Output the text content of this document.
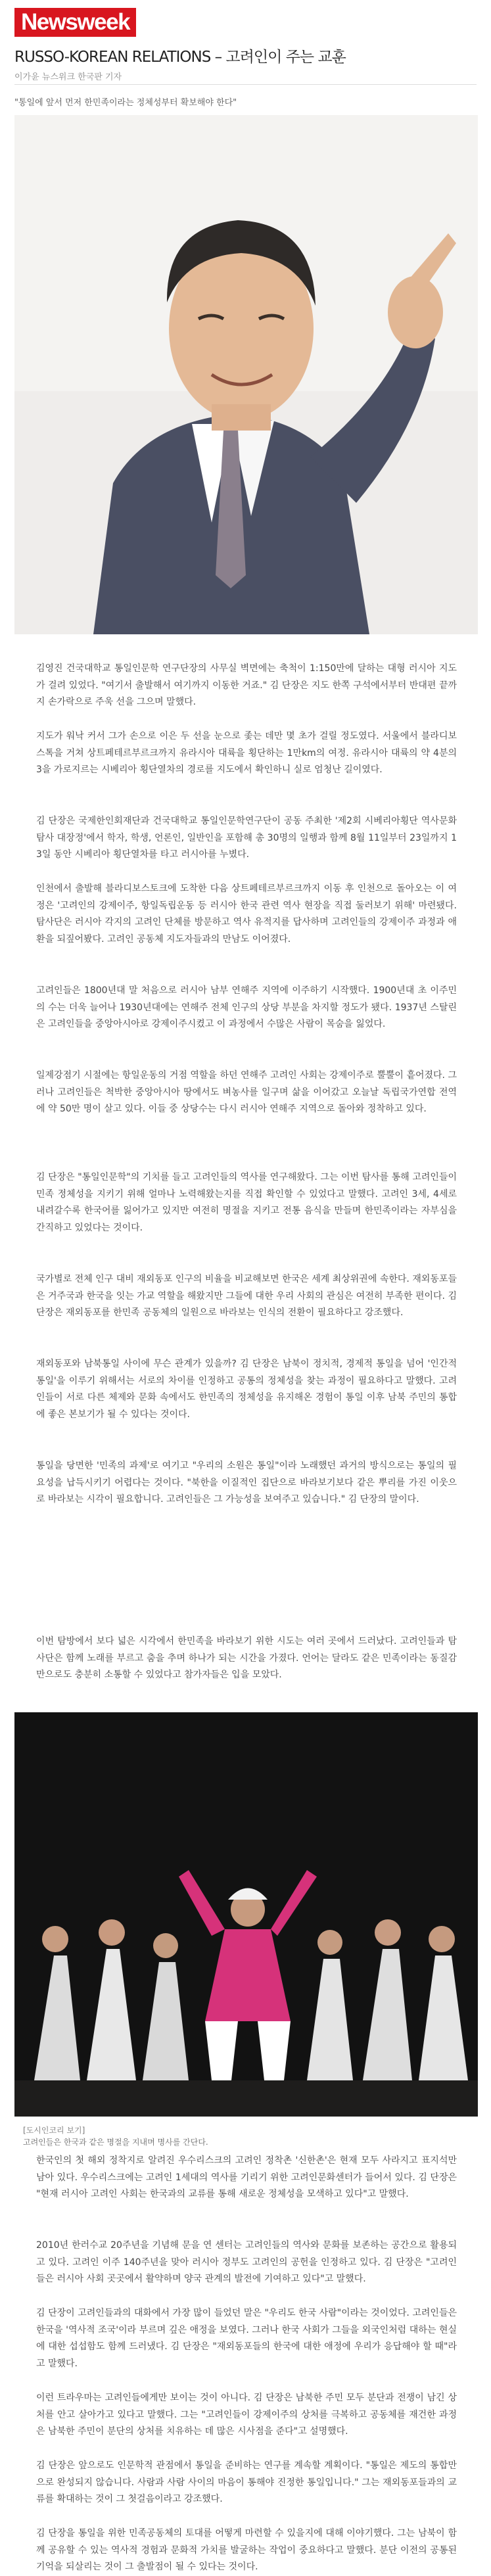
Newsweek
RUSSO-KOREAN RELATIONS – 고려인이 주는 교훈
이가윤 뉴스위크 한국판 기자
"통일에 앞서 먼저 한민족이라는 정체성부터 확보해야 한다"

김영진 건국대학교 통일인문학 연구단장의 사무실 벽면에는 축척이 1:150만에 달하는 대형 러시아 지도가 걸려 있었다. "여기서 출발해서 여기까지 이동한 거죠." 김 단장은 지도 한쪽 구석에서부터 반대편 끝까지 손가락으로 주욱 선을 그으며 말했다.

지도가 워낙 커서 그가 손으로 이은 두 선을 눈으로 좇는 데만 몇 초가 걸릴 정도였다. 서울에서 블라디보스톡을 거쳐 상트페테르부르크까지 유라시아 대륙을 횡단하는 1만km의 여정. 유라시아 대륙의 약 4분의 3을 가로지르는 시베리아 횡단열차의 경로를 지도에서 확인하니 실로 엄청난 길이였다.

김 단장은 국제한인회재단과 건국대학교 통일인문학연구단이 공동 주최한 '제2회 시베리아횡단 역사문화 탐사 대장정'에서 학자, 학생, 언론인, 일반인을 포함해 총 30명의 일행과 함께 8월 11일부터 23일까지 13일 동안 시베리아 횡단열차를 타고 러시아를 누볐다.

인천에서 출발해 블라디보스토크에 도착한 다음 상트페테르부르크까지 이동 후 인천으로 돌아오는 이 여정은 '고려인의 강제이주, 항일독립운동 등 러시아 한국 관련 역사 현장을 직접 둘러보기 위해' 마련됐다. 탐사단은 러시아 각지의 고려인 단체를 방문하고 역사 유적지를 답사하며 고려인들의 강제이주 과정과 애환을 되짚어봤다. 고려인 공동체 지도자들과의 만남도 이어졌다.

고려인들은 1800년대 말 처음으로 러시아 남부 연해주 지역에 이주하기 시작했다. 1900년대 초 이주민의 수는 더욱 늘어나 1930년대에는 연해주 전체 인구의 상당 부분을 차지할 정도가 됐다. 1937년 스탈린은 고려인들을 중앙아시아로 강제이주시켰고 이 과정에서 수많은 사람이 목숨을 잃었다.

일제강점기 시절에는 항일운동의 거점 역할을 하던 연해주 고려인 사회는 강제이주로 뿔뿔이 흩어졌다. 그러나 고려인들은 척박한 중앙아시아 땅에서도 벼농사를 일구며 삶을 이어갔고 오늘날 독립국가연합 전역에 약 50만 명이 살고 있다. 이들 중 상당수는 다시 러시아 연해주 지역으로 돌아와 정착하고 있다.

김 단장은 "통일인문학"의 기치를 들고 고려인들의 역사를 연구해왔다. 그는 이번 탐사를 통해 고려인들이 민족 정체성을 지키기 위해 얼마나 노력해왔는지를 직접 확인할 수 있었다고 말했다. 고려인 3세, 4세로 내려갈수록 한국어를 잃어가고 있지만 여전히 명절을 지키고 전통 음식을 만들며 한민족이라는 자부심을 간직하고 있었다는 것이다.

국가별로 전체 인구 대비 재외동포 인구의 비율을 비교해보면 한국은 세계 최상위권에 속한다. 재외동포들은 거주국과 한국을 잇는 가교 역할을 해왔지만 그들에 대한 우리 사회의 관심은 여전히 부족한 편이다. 김 단장은 재외동포를 한민족 공동체의 일원으로 바라보는 인식의 전환이 필요하다고 강조했다.

재외동포와 남북통일 사이에 무슨 관계가 있을까? 김 단장은 남북이 정치적, 경제적 통일을 넘어 '인간적 통일'을 이루기 위해서는 서로의 차이를 인정하고 공통의 정체성을 찾는 과정이 필요하다고 말했다. 고려인들이 서로 다른 체제와 문화 속에서도 한민족의 정체성을 유지해온 경험이 통일 이후 남북 주민의 통합에 좋은 본보기가 될 수 있다는 것이다.

통일을 당면한 '민족의 과제'로 여기고 "우리의 소원은 통일"이라 노래했던 과거의 방식으로는 통일의 필요성을 납득시키기 어렵다는 것이다. "북한을 이질적인 집단으로 바라보기보다 같은 뿌리를 가진 이웃으로 바라보는 시각이 필요합니다. 고려인들은 그 가능성을 보여주고 있습니다." 김 단장의 말이다.

[도시인코리 보기]
고려인들은 한국과 같은 명절을 지내며 명사를 간단다.

이번 탐방에서 보다 넓은 시각에서 한민족을 바라보기 위한 시도는 여러 곳에서 드러났다. 고려인들과 탐사단은 함께 노래를 부르고 춤을 추며 하나가 되는 시간을 가졌다. 언어는 달라도 같은 민족이라는 동질감만으로도 충분히 소통할 수 있었다고 참가자들은 입을 모았다.

한국인의 첫 해외 정착지로 알려진 우수리스크의 고려인 정착촌 '신한촌'은 현재 모두 사라지고 표지석만 남아 있다. 우수리스크에는 고려인 1세대의 역사를 기리기 위한 고려인문화센터가 들어서 있다. 김 단장은 "현재 러시아 고려인 사회는 한국과의 교류를 통해 새로운 정체성을 모색하고 있다"고 말했다.

2010년 한러수교 20주년을 기념해 문을 연 센터는 고려인들의 역사와 문화를 보존하는 공간으로 활용되고 있다. 고려인 이주 140주년을 맞아 러시아 정부도 고려인의 공헌을 인정하고 있다. 김 단장은 "고려인들은 러시아 사회 곳곳에서 활약하며 양국 관계의 발전에 기여하고 있다"고 말했다.

김 단장이 고려인들과의 대화에서 가장 많이 들었던 말은 "우리도 한국 사람"이라는 것이었다. 고려인들은 한국을 '역사적 조국'이라 부르며 깊은 애정을 보였다. 그러나 한국 사회가 그들을 외국인처럼 대하는 현실에 대한 섭섭함도 함께 드러냈다. 김 단장은 "재외동포들의 한국에 대한 애정에 우리가 응답해야 할 때"라고 말했다.

이런 트라우마는 고려인들에게만 보이는 것이 아니다. 김 단장은 남북한 주민 모두 분단과 전쟁이 남긴 상처를 안고 살아가고 있다고 말했다. 그는 "고려인들이 강제이주의 상처를 극복하고 공동체를 재건한 과정은 남북한 주민이 분단의 상처를 치유하는 데 많은 시사점을 준다"고 설명했다.

김 단장은 앞으로도 인문학적 관점에서 통일을 준비하는 연구를 계속할 계획이다. "통일은 제도의 통합만으로 완성되지 않습니다. 사람과 사람 사이의 마음이 통해야 진정한 통일입니다." 그는 재외동포들과의 교류를 확대하는 것이 그 첫걸음이라고 강조했다.

김 단장을 통일을 위한 민족공동체의 토대를 어떻게 마련할 수 있을지에 대해 이야기했다. 그는 남북이 함께 공유할 수 있는 역사적 경험과 문화적 가치를 발굴하는 작업이 중요하다고 말했다. 분단 이전의 공통된 기억을 되살리는 것이 그 출발점이 될 수 있다는 것이다.
